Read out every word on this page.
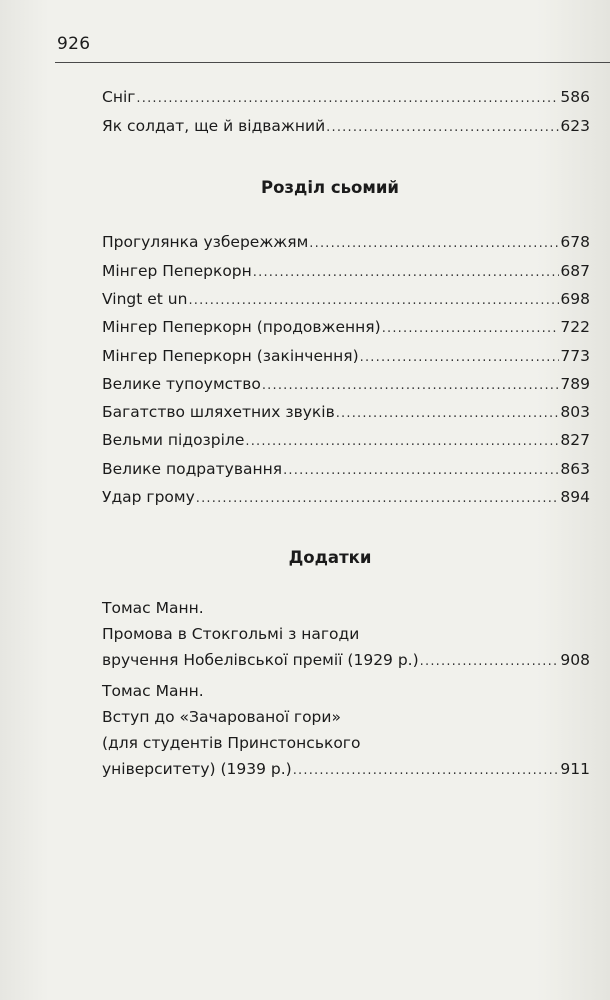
926
Сніг .....	586
Як солдат, ще й відважний .....	623
Розділ сьомий
Прогулянка узбережжям .....	678
Мінгер Пеперкорн .....	687
Vingt et un .....	698
Мінгер Пеперкорн (продовження) .....	722
Мінгер Пеперкорн (закінчення) .....	773
Велике тупоумство .....	789
Багатство шляхетних звуків .....	803
Вельми підозріле .....	827
Велике подратування .....	863
Удар грому .....	894
Додатки
Томас Манн.
Промова в Стокгольмі з нагоди
вручення Нобелівської премії (1929 р.) .....	908
Томас Манн.
Вступ до «Зачарованої гори»
(для студентів Принстонського
університету) (1939 р.) .....	911
